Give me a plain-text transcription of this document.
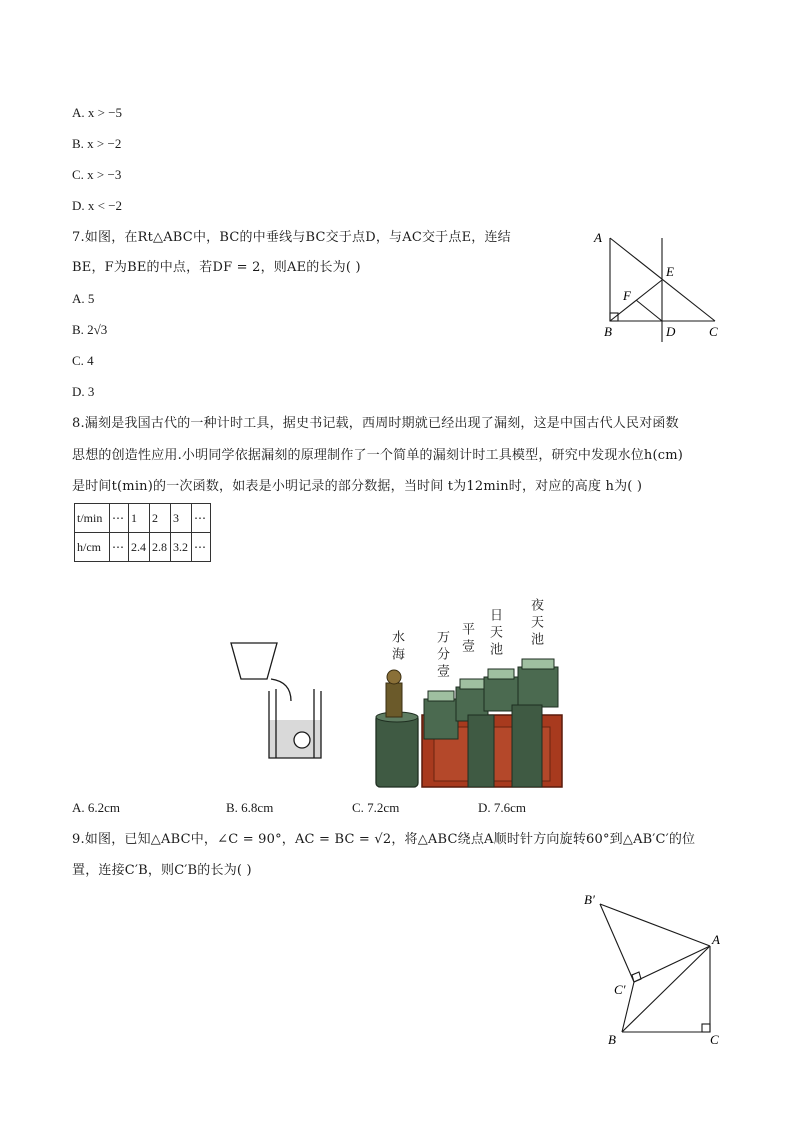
A. x > −5
B. x > −2
C. x > −3
D. x < −2
7.如图，在Rt△ABC中，BC的中垂线与BC交于点D，与AC交于点E，连结
BE，F为BE的中点，若DF = 2，则AE的长为( )
A. 5
B. 2√3
C. 4
D. 3
A
B	C
D
E
F
8.漏刻是我国古代的一种计时工具，据史书记载，西周时期就已经出现了漏刻，这是中国古代人民对函数
思想的创造性应用.小明同学依据漏刻的原理制作了一个简单的漏刻计时工具模型，研究中发现水位h(cm)
是时间t(min)的一次函数，如表是小明记录的部分数据，当时间 t为12min时，对应的高度 h为( )
t/min	⋯	1	2	3	⋯
h/cm	⋯	2.4	2.8	3.2	⋯
水海 万分壹 平壹 日天池 夜天池
A. 6.2cm	B. 6.8cm	C. 7.2cm	D. 7.6cm
9.如图，已知△ABC中，∠C = 90°，AC = BC = √2，将△ABC绕点A顺时针方向旋转60°到△AB′C′的位
置，连接C′B，则C′B的长为( )
B′
A
C′
B	C
